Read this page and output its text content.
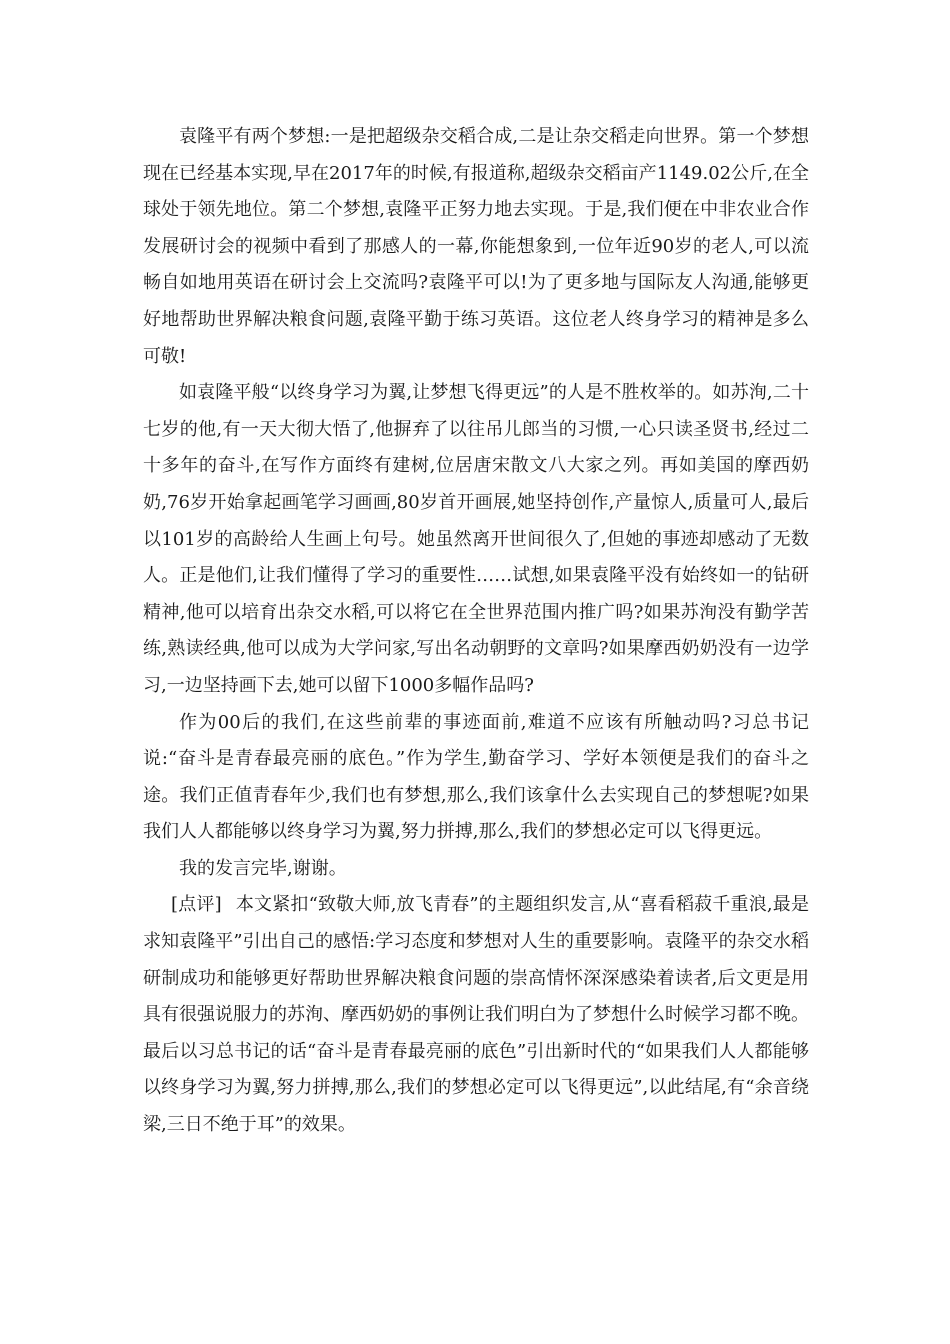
袁隆平有两个梦想:一是把超级杂交稻合成,二是让杂交稻走向世界。第一个梦想现在已经基本实现,早在2017年的时候,有报道称,超级杂交稻亩产1149.02公斤,在全球处于领先地位。第二个梦想,袁隆平正努力地去实现。于是,我们便在中非农业合作发展研讨会的视频中看到了那感人的一幕,你能想象到,一位年近90岁的老人,可以流畅自如地用英语在研讨会上交流吗?袁隆平可以!为了更多地与国际友人沟通,能够更好地帮助世界解决粮食问题,袁隆平勤于练习英语。这位老人终身学习的精神是多么可敬!

如袁隆平般“以终身学习为翼,让梦想飞得更远”的人是不胜枚举的。如苏洵,二十七岁的他,有一天大彻大悟了,他摒弃了以往吊儿郎当的习惯,一心只读圣贤书,经过二十多年的奋斗,在写作方面终有建树,位居唐宋散文八大家之列。再如美国的摩西奶奶,76岁开始拿起画笔学习画画,80岁首开画展,她坚持创作,产量惊人,质量可人,最后以101岁的高龄给人生画上句号。她虽然离开世间很久了,但她的事迹却感动了无数人。正是他们,让我们懂得了学习的重要性……试想,如果袁隆平没有始终如一的钻研精神,他可以培育出杂交水稻,可以将它在全世界范围内推广吗?如果苏洵没有勤学苦练,熟读经典,他可以成为大学问家,写出名动朝野的文章吗?如果摩西奶奶没有一边学习,一边坚持画下去,她可以留下1000多幅作品吗?

作为00后的我们,在这些前辈的事迹面前,难道不应该有所触动吗?习总书记说:“奋斗是青春最亮丽的底色。”作为学生,勤奋学习、学好本领便是我们的奋斗之途。我们正值青春年少,我们也有梦想,那么,我们该拿什么去实现自己的梦想呢?如果我们人人都能够以终身学习为翼,努力拼搏,那么,我们的梦想必定可以飞得更远。

我的发言完毕,谢谢。

[点评] 本文紧扣“致敬大师,放飞青春”的主题组织发言,从“喜看稻菽千重浪,最是求知袁隆平”引出自己的感悟:学习态度和梦想对人生的重要影响。袁隆平的杂交水稻研制成功和能够更好帮助世界解决粮食问题的崇高情怀深深感染着读者,后文更是用具有很强说服力的苏洵、摩西奶奶的事例让我们明白为了梦想什么时候学习都不晚。最后以习总书记的话“奋斗是青春最亮丽的底色”引出新时代的“如果我们人人都能够以终身学习为翼,努力拼搏,那么,我们的梦想必定可以飞得更远”,以此结尾,有“余音绕梁,三日不绝于耳”的效果。
